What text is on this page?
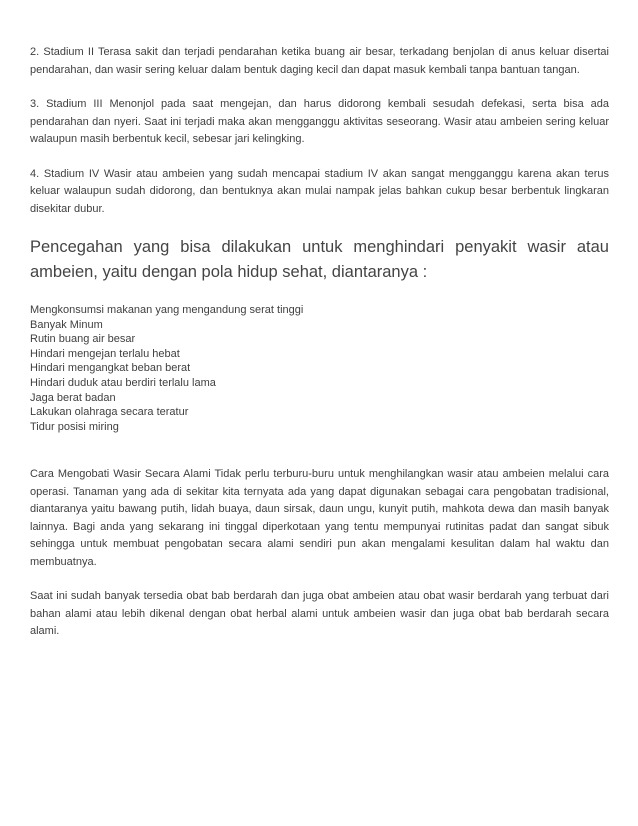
2. Stadium II Terasa sakit dan terjadi pendarahan ketika buang air besar, terkadang benjolan di anus keluar disertai pendarahan, dan wasir sering keluar dalam bentuk daging kecil dan dapat masuk kembali tanpa bantuan tangan.

3. Stadium III Menonjol pada saat mengejan, dan harus didorong kembali sesudah defekasi, serta bisa ada pendarahan dan nyeri. Saat ini terjadi maka akan mengganggu aktivitas seseorang. Wasir atau ambeien sering keluar walaupun masih berbentuk kecil, sebesar jari kelingking.

4. Stadium IV Wasir atau ambeien yang sudah mencapai stadium IV akan sangat mengganggu karena akan terus keluar walaupun sudah didorong, dan bentuknya akan mulai nampak jelas bahkan cukup besar berbentuk lingkaran disekitar dubur.

Pencegahan yang bisa dilakukan untuk menghindari penyakit wasir atau ambeien, yaitu dengan pola hidup sehat, diantaranya :
Mengkonsumsi makanan yang mengandung serat tinggi
Banyak Minum
Rutin buang air besar
Hindari mengejan terlalu hebat
Hindari mengangkat beban berat
Hindari duduk atau berdiri terlalu lama
Jaga berat badan
Lakukan olahraga secara teratur
Tidur posisi miring

Cara Mengobati Wasir Secara Alami Tidak perlu terburu-buru untuk menghilangkan wasir atau ambeien melalui cara operasi. Tanaman yang ada di sekitar kita ternyata ada yang dapat digunakan sebagai cara pengobatan tradisional, diantaranya yaitu bawang putih, lidah buaya, daun sirsak, daun ungu, kunyit putih, mahkota dewa dan masih banyak lainnya. Bagi anda yang sekarang ini tinggal diperkotaan yang tentu mempunyai rutinitas padat dan sangat sibuk sehingga untuk membuat pengobatan secara alami sendiri pun akan mengalami kesulitan dalam hal waktu dan membuatnya.

Saat ini sudah banyak tersedia obat bab berdarah dan juga obat ambeien atau obat wasir berdarah yang terbuat dari bahan alami atau lebih dikenal dengan obat herbal alami untuk ambeien wasir dan juga obat bab berdarah secara alami.
